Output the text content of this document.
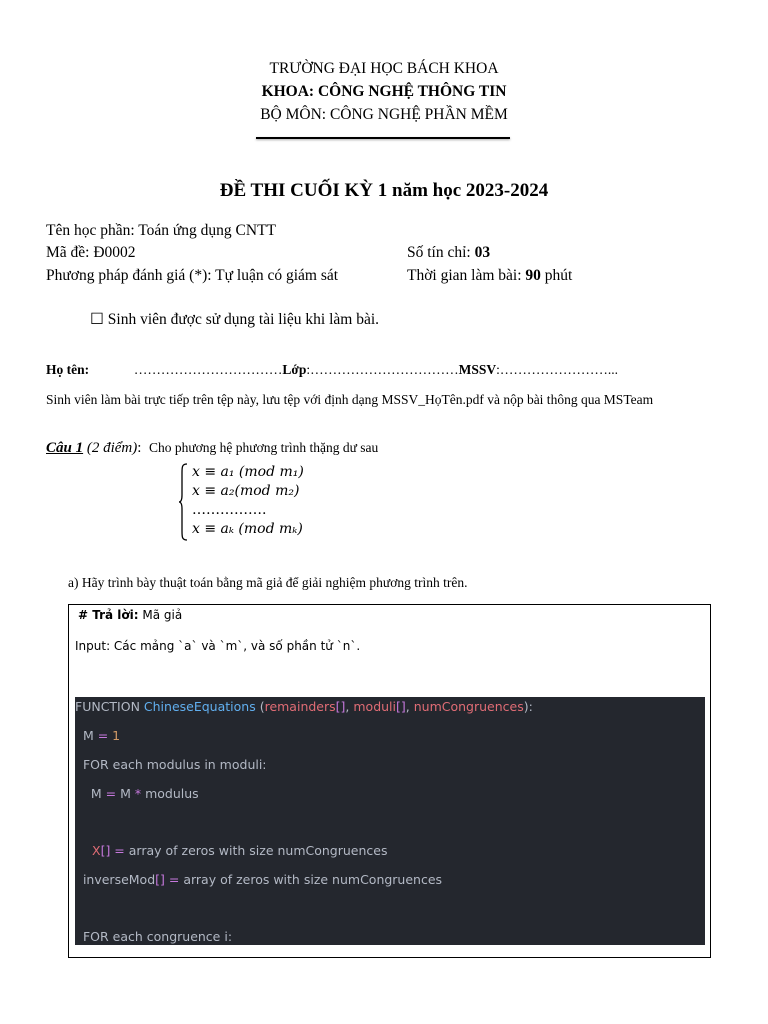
TRƯỜNG ĐẠI HỌC BÁCH KHOA
KHOA: CÔNG NGHỆ THÔNG TIN
BỘ MÔN: CÔNG NGHỆ PHẦN MỀM
ĐỀ THI CUỐI KỲ 1 năm học 2023-2024
Tên học phần: Toán ứng dụng CNTT
Mã đề: Đ0002	Số tín chỉ: 03
Phương pháp đánh giá (*): Tự luận có giám sát	Thời gian làm bài: 90 phút
☐ Sinh viên được sử dụng tài liệu khi làm bài.
Họ tên:	……………………………Lớp:……………………………MSSV:……………………...
Sinh viên làm bài trực tiếp trên tệp này, lưu tệp với định dạng MSSV_HọTên.pdf và nộp bài thông qua MSTeam
Câu 1 (2 điểm): Cho phương hệ phương trình thặng dư sau
x ≡ a₁ (mod m₁)
x ≡ a₂(mod m₂)
…………….
x ≡ aₖ (mod mₖ)
a) Hãy trình bày thuật toán bằng mã giả để giải nghiệm phương trình trên.
# Trả lời: Mã giả
Input: Các mảng `a` và `m`, và số phần tử `n`.
FUNCTION ChineseEquations (remainders[], moduli[], numCongruences):
M = 1
FOR each modulus in moduli:
M = M * modulus
X[] = array of zeros with size numCongruences
inverseMod[] = array of zeros with size numCongruences
FOR each congruence i:
